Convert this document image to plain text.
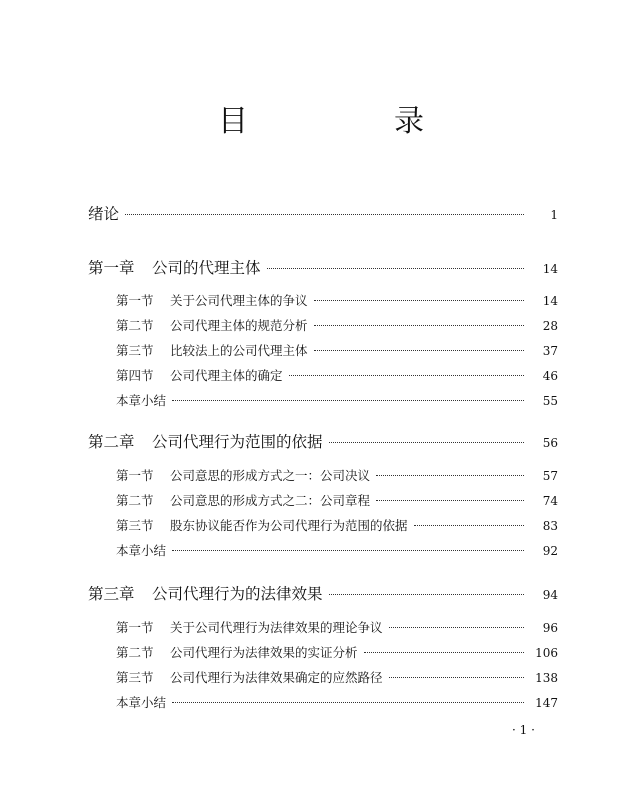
目　录
绪论	1
第一章 公司的代理主体	14
第一节 关于公司代理主体的争议	14
第二节 公司代理主体的规范分析	28
第三节 比较法上的公司代理主体	37
第四节 公司代理主体的确定	46
本章小结	55
第二章 公司代理行为范围的依据	56
第一节 公司意思的形成方式之一：公司决议	57
第二节 公司意思的形成方式之二：公司章程	74
第三节 股东协议能否作为公司代理行为范围的依据	83
本章小结	92
第三章 公司代理行为的法律效果	94
第一节 关于公司代理行为法律效果的理论争议	96
第二节 公司代理行为法律效果的实证分析	106
第三节 公司代理行为法律效果确定的应然路径	138
本章小结	147
· 1 ·
